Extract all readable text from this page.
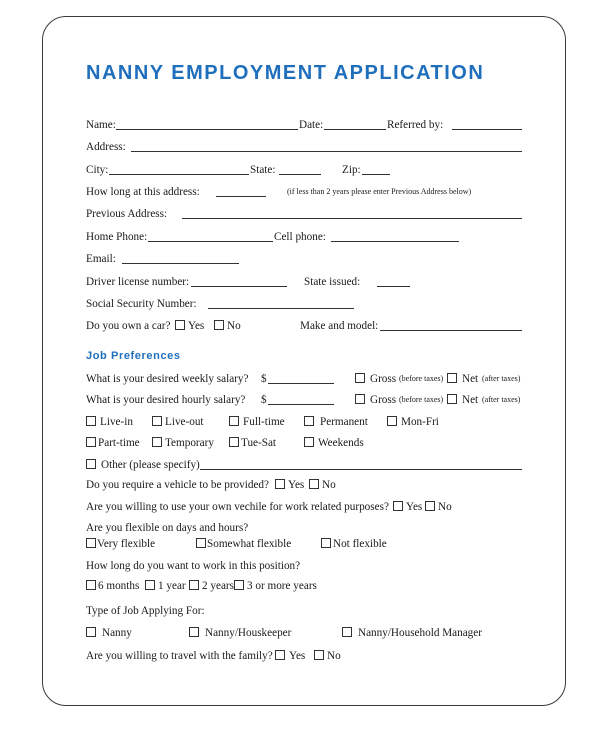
NANNY EMPLOYMENT APPLICATION
Name:	Date:	Referred by:
Address:
City:	State:	Zip:
How long at this address:	(if less than 2 years please enter Previous Address below)
Previous Address:
Home Phone:	Cell phone:
Email:
Driver license number:	State issued:
Social Security Number:
Do you own a car? Yes No	Make and model:
Job Preferences
What is your desired weekly salary? $	Gross (before taxes) Net (after taxes)
What is your desired hourly salary? $	Gross (before taxes) Net (after taxes)
Live-in	Live-out	Full-time	Permanent	Mon-Fri
Part-time Temporary Tue-Sat	Weekends
Other (please specify)
Do you require a vehicle to be provided? Yes No
Are you willing to use your own vechile for work related purposes? Yes No
Are you flexible on days and hours?
Very flexible	Somewhat flexible	Not flexible
How long do you want to work in this position?
6 months 1 year 2 years 3 or more years
Type of Job Applying For:
Nanny	Nanny/Houskeeper	Nanny/Household Manager
Are you willing to travel with the family? Yes No
